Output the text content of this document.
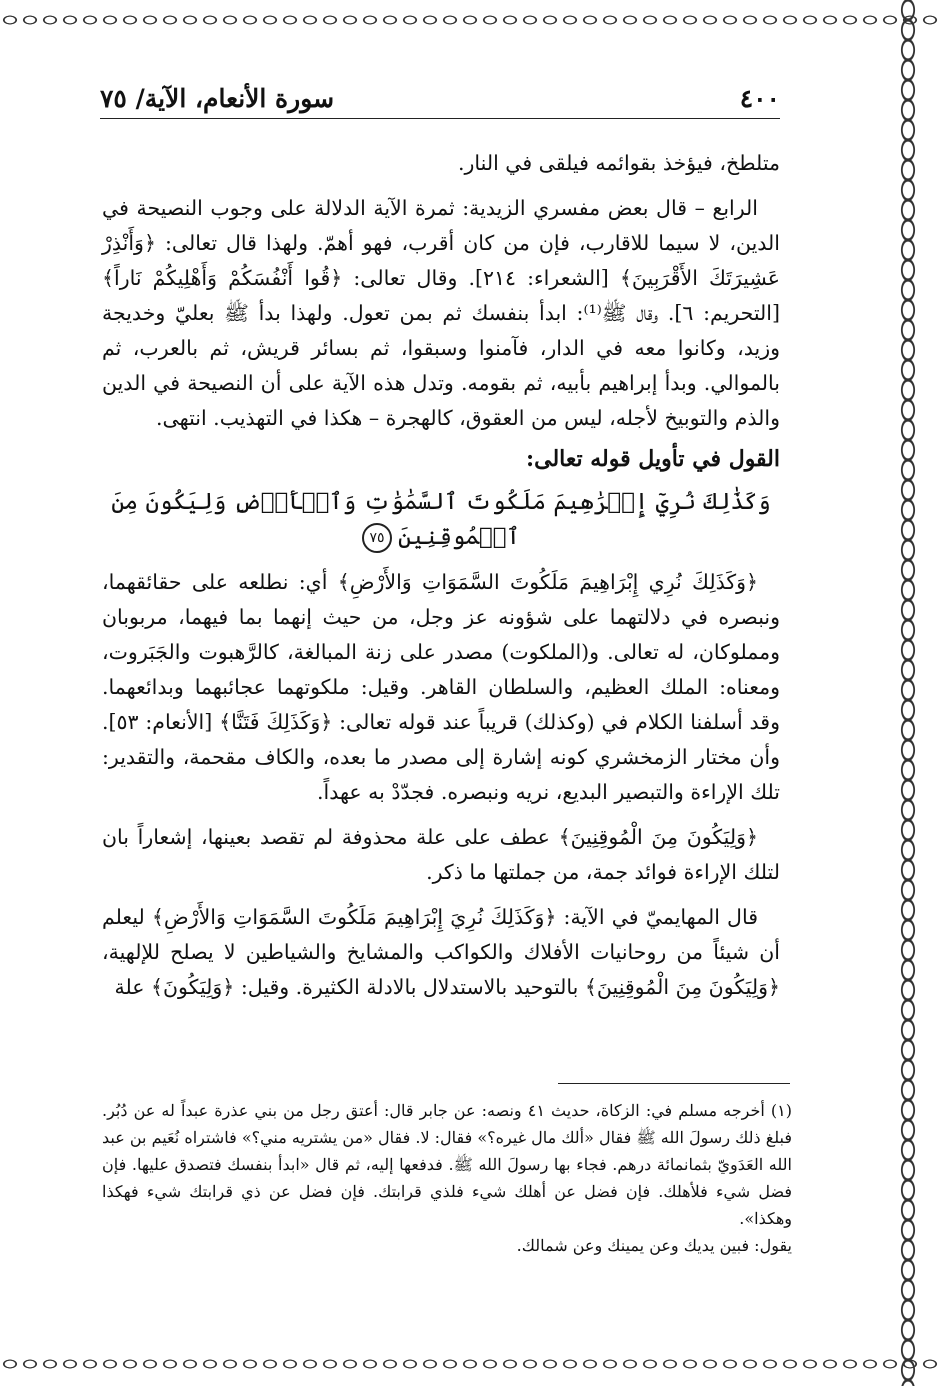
٤٠٠
سورة الأنعام، الآية/ ٧٥

متلطخ، فيؤخذ بقوائمه فيلقى في النار.

الرابع – قال بعض مفسري الزيدية: ثمرة الآية الدلالة على وجوب النصيحة في الدين، لا سيما للاقارب، فإن من كان أقرب، فهو أهمّ. ولهذا قال تعالى: ﴿وَأَنْذِرْ عَشِيرَتَكَ الأَقْرَبِينَ﴾ [الشعراء: ٢١٤]. وقال تعالى: ﴿قُوا أَنْفُسَكُمْ وَأَهْلِيكُمْ نَاراً﴾ [التحريم: ٦]. وقال ﷺ⁽¹⁾: ابدأ بنفسك ثم بمن تعول. ولهذا بدأ ﷺ بعليّ وخديجة وزيد، وكانوا معه في الدار، فآمنوا وسبقوا، ثم بسائر قريش، ثم بالعرب، ثم بالموالي. وبدأ إبراهيم بأبيه، ثم بقومه. وتدل هذه الآية على أن النصيحة في الدين والذم والتوبيخ لأجله، ليس من العقوق، كالهجرة – هكذا في التهذيب. انتهى.

القول في تأويل قوله تعالى:

وَكَذَٰلِكَ نُرِيٓ إِبۡرَٰهِيمَ مَلَكُوتَ ٱلسَّمَٰوَٰتِ وَٱلۡأَرۡضِ وَلِيَكُونَ مِنَ ٱلۡمُوقِنِينَ٧٥

﴿وَكَذَلِكَ نُرِي إِبْرَاهِيمَ مَلَكُوتَ السَّمَوَاتِ وَالأَرْضِ﴾ أي: نطلعه على حقائقهما، ونبصره في دلالتهما على شؤونه عز وجل، من حيث إنهما بما فيهما، مربوبان ومملوكان، له تعالى. و(الملكوت) مصدر على زنة المبالغة، كالرَّهبوت والجَبَروت، ومعناه: الملك العظيم، والسلطان القاهر. وقيل: ملكوتهما عجائبهما وبدائعهما. وقد أسلفنا الكلام في (وكذلك) قريباً عند قوله تعالى: ﴿وَكَذَلِكَ فَتَنَّا﴾ [الأنعام: ٥٣]. وأن مختار الزمخشري كونه إشارة إلى مصدر ما بعده، والكاف مقحمة، والتقدير: تلك الإراءة والتبصير البديع، نريه ونبصره. فجدّدْ به عهداً.

﴿وَلِيَكُونَ مِنَ الْمُوقِنِينَ﴾ عطف على علة محذوفة لم تقصد بعينها، إشعاراً بان لتلك الإراءة فوائد جمة، من جملتها ما ذكر.

قال المهايميّ في الآية: ﴿وَكَذَلِكَ نُرِيَ إِبْرَاهِيمَ مَلَكُوتَ السَّمَوَاتِ وَالأَرْضِ﴾ ليعلم أن شيئاً من روحانيات الأفلاك والكواكب والمشايخ والشياطين لا يصلح للإلهية، ﴿وَلِيَكُونَ مِنَ الْمُوقِنِينَ﴾ بالتوحيد بالاستدلال بالادلة الكثيرة. وقيل: ﴿وَلِيَكُونَ﴾ علة

(١) أخرجه مسلم في: الزكاة، حديث ٤١ ونصه: عن جابر قال: أعتق رجل من بني عذرة عبداً له عن دُبُر. فبلغ ذلك رسولَ الله ﷺ فقال «ألك مال غيره؟» فقال: لا. فقال «من يشتريه مني؟» فاشتراه نُعَيم بن عبد الله العَدَويّ بثمانمائة درهم. فجاء بها رسولَ الله ﷺ. فدفعها إليه، ثم قال «ابدأ بنفسك فتصدق عليها. فإن فضل شيء فلأهلك. فإن فضل عن أهلك شيء فلذي قرابتك. فإن فضل عن ذي قرابتك شيء فهكذا وهكذا».

يقول: فبين يديك وعن يمينك وعن شمالك.
